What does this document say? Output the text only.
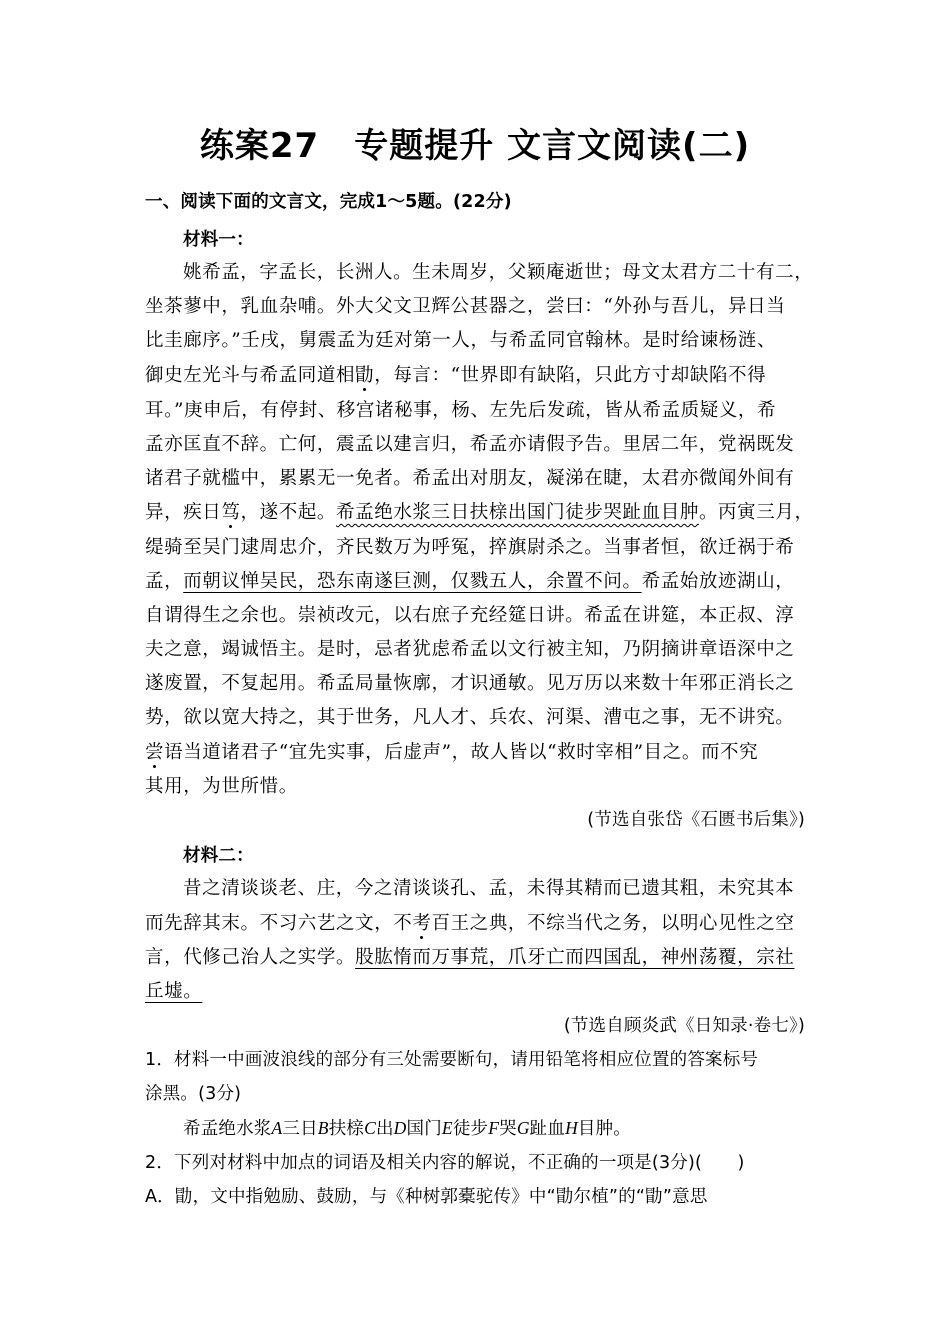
练案27　专题提升 文言文阅读(二)
一、阅读下面的文言文，完成1～5题。(22分)
材料一：
姚希孟，字孟长，长洲人。生未周岁，父颖庵逝世；母文太君方二十有二，
坐茶蓼中，乳血杂哺。外大父文卫辉公甚器之，尝曰：“外孙与吾儿，异日当
比圭廊序。”壬戌，舅震孟为廷对第一人，与希孟同官翰林。是时给谏杨涟、
御史左光斗与希孟同道相勖，每言：“世界即有缺陷，只此方寸却缺陷不得
耳。”庚申后，有停封、移宫诸秘事，杨、左先后发疏，皆从希孟质疑义，希
孟亦匡直不辞。亡何，震孟以建言归，希孟亦请假予告。里居二年，党祸既发
诸君子就槛中，累累无一免者。希孟出对朋友，凝涕在睫，太君亦微闻外间有
异，疾日笃，遂不起。希孟绝水浆三日扶榇出国门徒步哭趾血目肿。丙寅三月，
缇骑至吴门逮周忠介，齐民数万为呼冤，捽旗尉杀之。当事者恒，欲迁祸于希
孟，而朝议惮吴民，恐东南遂巨测，仅戮五人，余置不问。希孟始放迹湖山，
自谓得生之余也。崇祯改元，以右庶子充经筵日讲。希孟在讲筵，本正叔、淳
夫之意，竭诚悟主。是时，忌者犹虑希孟以文行被主知，乃阴摘讲章语深中之
遂废置，不复起用。希孟局量恢廓，才识通敏。见万历以来数十年邪正消长之
势，欲以宽大持之，其于世务，凡人才、兵农、河渠、漕屯之事，无不讲究。
尝语当道诸君子“宜先实事，后虚声”，故人皆以“救时宰相”目之。而不究
其用，为世所惜。
(节选自张岱《石匮书后集》)
材料二：
昔之清谈谈老、庄，今之清谈谈孔、孟，未得其精而已遗其粗，未究其本
而先辞其末。不习六艺之文，不考百王之典，不综当代之务，以明心见性之空
言，代修己治人之实学。股肱惰而万事荒，爪牙亡而四国乱，神州荡覆，宗社
丘墟。
(节选自顾炎武《日知录·卷七》)
1．材料一中画波浪线的部分有三处需要断句，请用铅笔将相应位置的答案标号
涂黑。(3分)
希孟绝水浆A三日B扶榇C出D国门E徒步F哭G趾血H目肿。
2．下列对材料中加点的词语及相关内容的解说，不正确的一项是(3分)(　　)
A．勖，文中指勉励、鼓励，与《种树郭橐驼传》中“勖尔植”的“勖”意思
